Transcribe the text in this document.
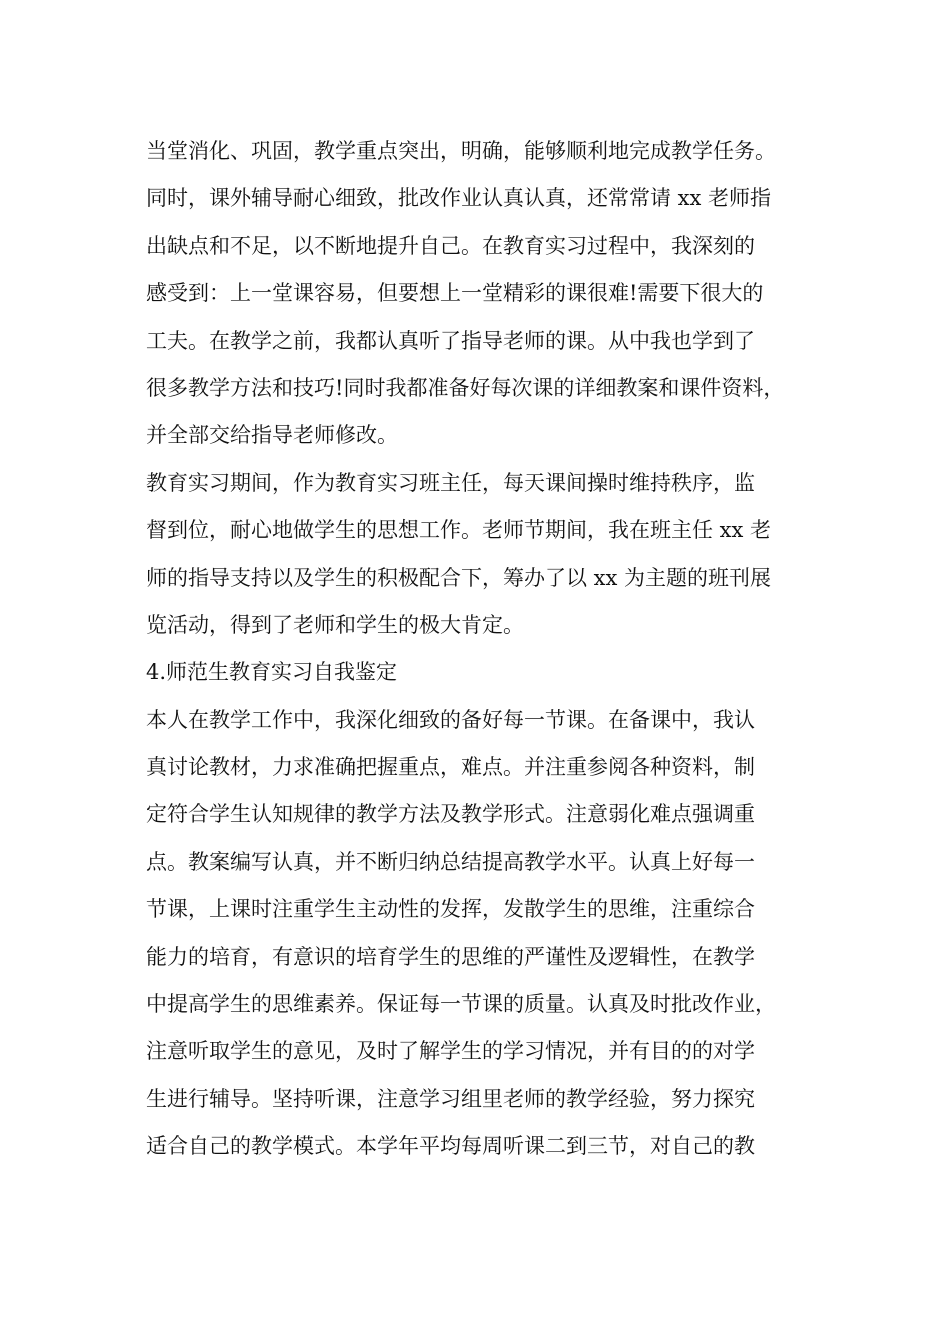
当堂消化、巩固，教学重点突出，明确，能够顺利地完成教学任务。
同时，课外辅导耐心细致，批改作业认真认真，还常常请 xx 老师指
出缺点和不足，以不断地提升自己。在教育实习过程中，我深刻的
感受到：上一堂课容易，但要想上一堂精彩的课很难!需要下很大的
工夫。在教学之前，我都认真听了指导老师的课。从中我也学到了
很多教学方法和技巧!同时我都准备好每次课的详细教案和课件资料，
并全部交给指导老师修改。
教育实习期间，作为教育实习班主任，每天课间操时维持秩序，监
督到位，耐心地做学生的思想工作。老师节期间，我在班主任 xx 老
师的指导支持以及学生的积极配合下，筹办了以 xx 为主题的班刊展
览活动，得到了老师和学生的极大肯定。
4.师范生教育实习自我鉴定
本人在教学工作中，我深化细致的备好每一节课。在备课中，我认
真讨论教材，力求准确把握重点，难点。并注重参阅各种资料，制
定符合学生认知规律的教学方法及教学形式。注意弱化难点强调重
点。教案编写认真，并不断归纳总结提高教学水平。认真上好每一
节课，上课时注重学生主动性的发挥，发散学生的思维，注重综合
能力的培育，有意识的培育学生的思维的严谨性及逻辑性，在教学
中提高学生的思维素养。保证每一节课的质量。认真及时批改作业，
注意听取学生的意见，及时了解学生的学习情况，并有目的的对学
生进行辅导。坚持听课，注意学习组里老师的教学经验，努力探究
适合自己的教学模式。本学年平均每周听课二到三节，对自己的教
